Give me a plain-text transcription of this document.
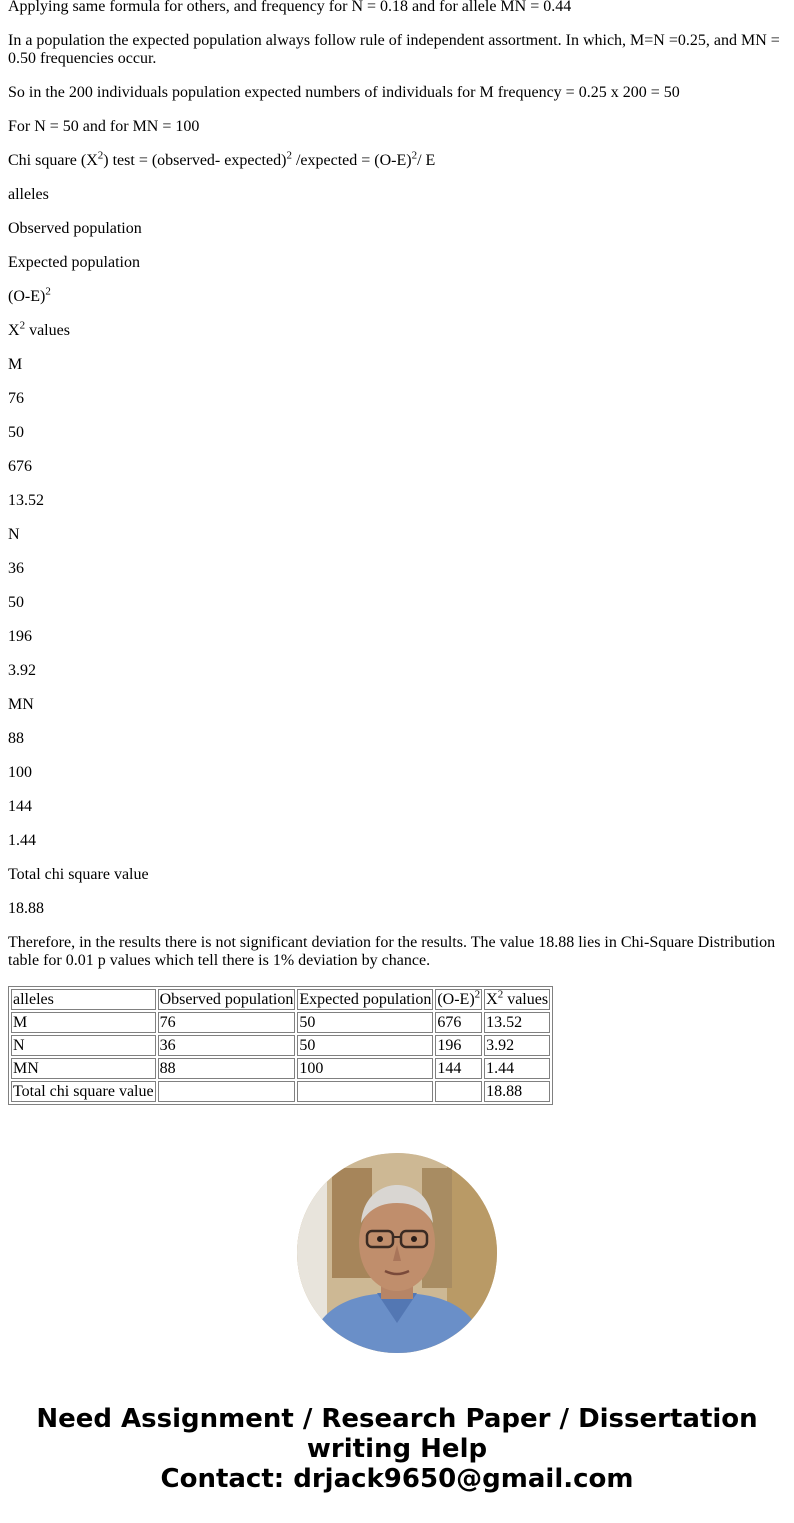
Applying same formula for others, and frequency for N = 0.18 and for allele MN = 0.44

In a population the expected population always follow rule of independent assortment. In which, M=N =0.25, and MN = 0.50 frequencies occur.

So in the 200 individuals population expected numbers of individuals for M frequency = 0.25 x 200 = 50

For N = 50 and for MN = 100

Chi square $(X^2)$ test = (observed- expected)$^2$ /expected = $(O-E)^2/$ E

alleles

Observed population

Expected population

$(O-E)^2$

$X^2$ values

M

76

50

676

13.52

N

36

50

196

3.92

MN

88

100

144

1.44

Total chi square value

18.88

Therefore, in the results there is not significant deviation for the results. The value 18.88 lies in Chi-Square Distribution table for 0.01 p values which tell there is 1% deviation by chance.

alleles	Observed population	Expected population	$(O-E)^2$	$X^2$ values
M	76	50	676	13.52
N	36	50	196	3.92
MN	88	100	144	1.44
Total chi square value				18.88
Need Assignment / Research Paper / Dissertation
writing Help
Contact: drjack9650@gmail.com
